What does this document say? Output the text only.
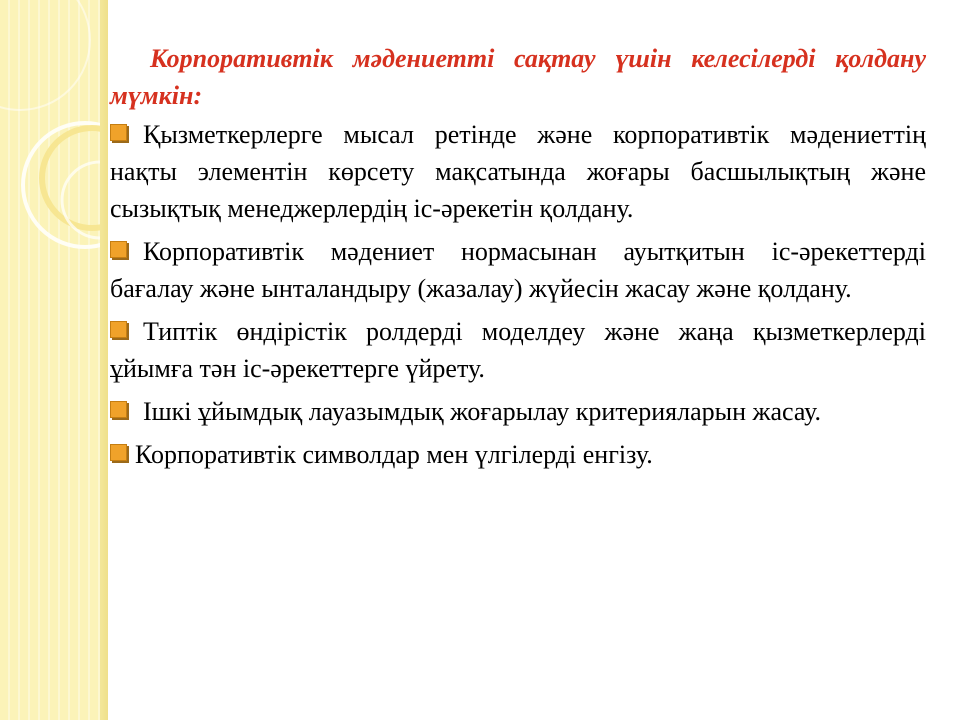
Корпоративтік мәдениетті сақтау үшін келесілерді қолдану мүмкін:

Қызметкерлерге мысал ретінде және корпоративтік мәдениеттің нақты элементін көрсету мақсатында жоғары басшылықтың және сызықтық менеджерлердің іс-әрекетін қолдану.
Корпоративтік мәдениет нормасынан ауытқитын іс-әрекеттерді бағалау және ынталандыру (жазалау) жүйесін жасау және қолдану.
Типтік өндірістік ролдерді моделдеу және жаңа қызметкерлерді ұйымға тән іс-әрекеттерге үйрету.
Ішкі ұйымдық лауазымдық жоғарылау критерияларын жасау.
Корпоративтік символдар мен үлгілерді енгізу.
